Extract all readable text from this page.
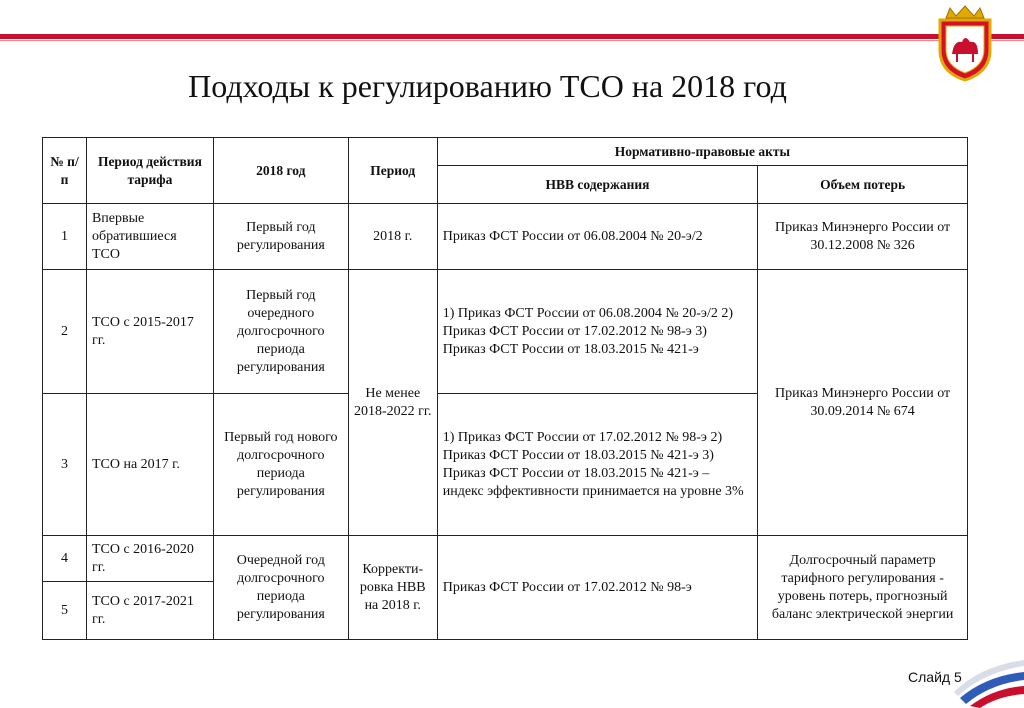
Подходы к регулированию ТСО на 2018 год
№ п/п	Период действия тарифа	2018 год	Период	Нормативно-правовые акты	
				НВВ содержания	Объем потерь
1	Впервые обратившиеся ТСО	Первый год регулирования	2018 г.	Приказ ФСТ России от 06.08.2004 № 20-э/2	Приказ Минэнерго России от 30.12.2008 № 326
2	ТСО с 2015-2017 гг.	Первый год очередного долгосрочного периода регулирования	Не менее 2018-2022 гг.	1) Приказ ФСТ России от 06.08.2004 № 20-э/2 2) Приказ ФСТ России от 17.02.2012 № 98-э 3) Приказ ФСТ России от 18.03.2015 № 421-э	Приказ Минэнерго России от 30.09.2014 № 674
3	ТСО на 2017 г.	Первый год нового долгосрочного периода регулирования		1) Приказ ФСТ России от 17.02.2012 № 98-э 2) Приказ ФСТ России от 18.03.2015 № 421-э 3) Приказ ФСТ России от 18.03.2015 № 421-э – индекс эффективности принимается на уровне 3%	
4	ТСО с 2016-2020 гг.	Очередной год долгосрочного периода регулирования	Корректи-ровка НВВ на 2018 г.	Приказ ФСТ России от 17.02.2012 № 98-э	Долгосрочный параметр тарифного регулирования - уровень потерь, прогнозный баланс электрической энергии
5	ТСО с 2017-2021 гг.				
Слайд 5
